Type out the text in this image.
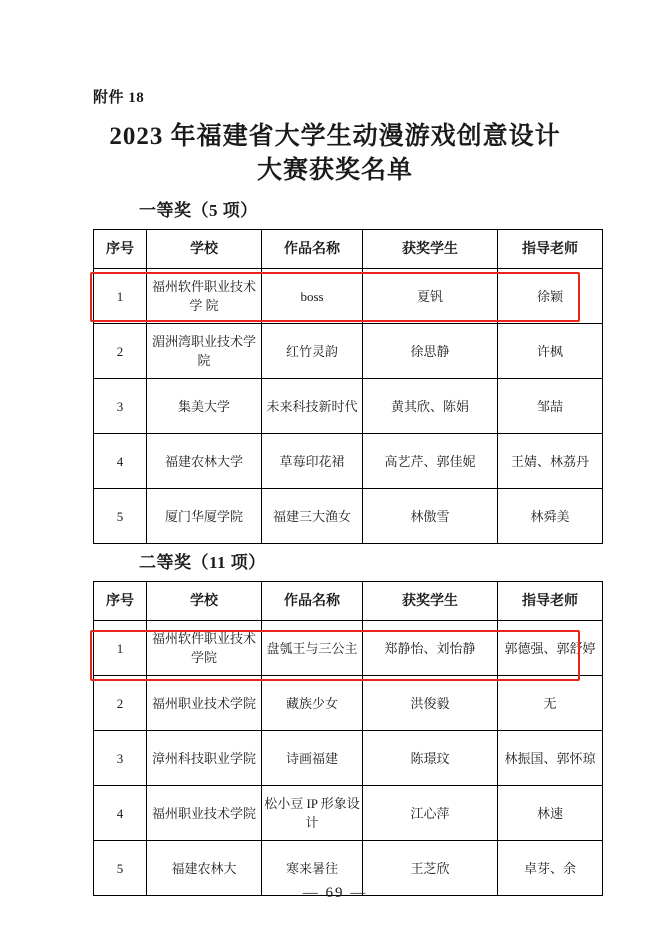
附件 18
2023 年福建省大学生动漫游戏创意设计
大赛获奖名单
一等奖（5 项）
序号	学校	作品名称	获奖学生	指导老师
1	福州软件职业技术学 院	boss	夏钒	徐颖
2	湄洲湾职业技术学院	红竹灵韵	徐思静	许枫
3	集美大学	未来科技新时代	黄其欣、陈娟	邹喆
4	福建农林大学	草莓印花裙	高艺芹、郭佳妮	王婧、林荔丹
5	厦门华厦学院	福建三大渔女	林傲雪	林舜美
二等奖（11 项）
序号	学校	作品名称	获奖学生	指导老师
1	福州软件职业技术学院	盘瓠王与三公主	郑静怡、刘怡静	郭德强、郭舒婷
2	福州职业技术学院	藏族少女	洪俊毅	无
3	漳州科技职业学院	诗画福建	陈璟玟	林振国、郭怀琼
4	福州职业技术学院	松小豆 IP 形象设计	江心萍	林速
5	福建农林大	寒来暑往	王芝欣	卓芽、余
— 69 —
